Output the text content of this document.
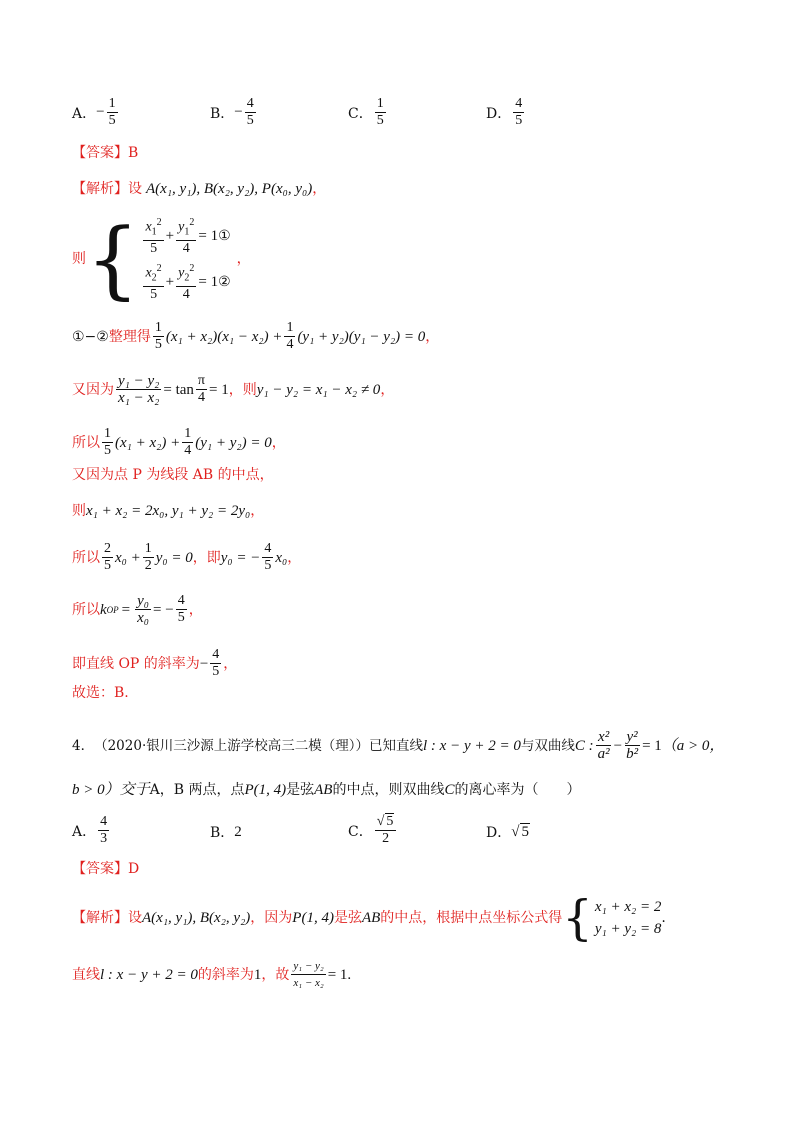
A． − $\frac{1}{5}$	B． − $\frac{4}{5}$	C． $\frac{1}{5}$	D． $\frac{4}{5}$
【答案】 B
【解析】 设 A(x₁, y₁), B(x₂, y₂), P(x₀, y₀) ，
则 { $\frac{x_1^2}{5} + \frac{y_1^2}{4} = 1$ ①
$\frac{x_2^2}{5} + \frac{y_2^2}{4} = 1$ ②
，
①−② 整理得 $\frac{1}{5} (x_1 + x_2)(x_1 - x_2) + \frac{1}{4} (y_1 + y_2)(y_1 - y_2) = 0$ ，
又因为 $\frac{\text{y₁ − y₂}}{\text{x₁ − x₂}} = \tan \frac{\pi}{4} = 1$ ，则 y₁ − y₂ = x₁ − x₂ ≠ 0 ，
所以 $\frac{1}{5} (x_1 + x_2) + \frac{1}{4} (y_1 + y_2) = 0$ ，
又因为点 P 为线段 AB 的中点，
则 x₁ + x₂ = 2x₀, y₁ + y₂ = 2y₀ ，
所以 $\frac{2}{5} x_0 + \frac{1}{2} y_0 = 0$ ，即 y₀ = − $\frac{4}{5} x_0$ ，
所以 k OP = $\frac{\text{y₀}}{\text{x₀}}$ = − $\frac{4}{5}$ ，
即直线 OP 的斜率为 − $\frac{4}{5}$ ，
故选：B.
4． （2020·银川三沙源上游学校高三二模（理））已知直线 l : x − y + 2 = 0 与双曲线 C : $\frac{\text{x²}}{\text{a²}} - \frac{\text{y²}}{\text{b²}} = 1$ （a > 0，
b > 0）交于 A，B 两点，点 P(1, 4) 是弦 AB 的中点，则双曲线 C 的离心率为（　　）
A． $\frac{4}{3}$	B． 2	C． $\frac{√ 5}{2}$	D． √ 5
【答案】 D
【解析】 设 A(x₁, y₁), B(x₂, y₂) ，因为 P(1, 4) 是弦 AB 的中点，根据中点坐标公式得 { x₁ + x₂ = 2
y₁ + y₂ = 8
.
直线 l : x − y + 2 = 0 的斜率为 1 ，故 $\frac{\text{y₁ − y₂}}{\text{x₁ − x₂}} = 1$.
